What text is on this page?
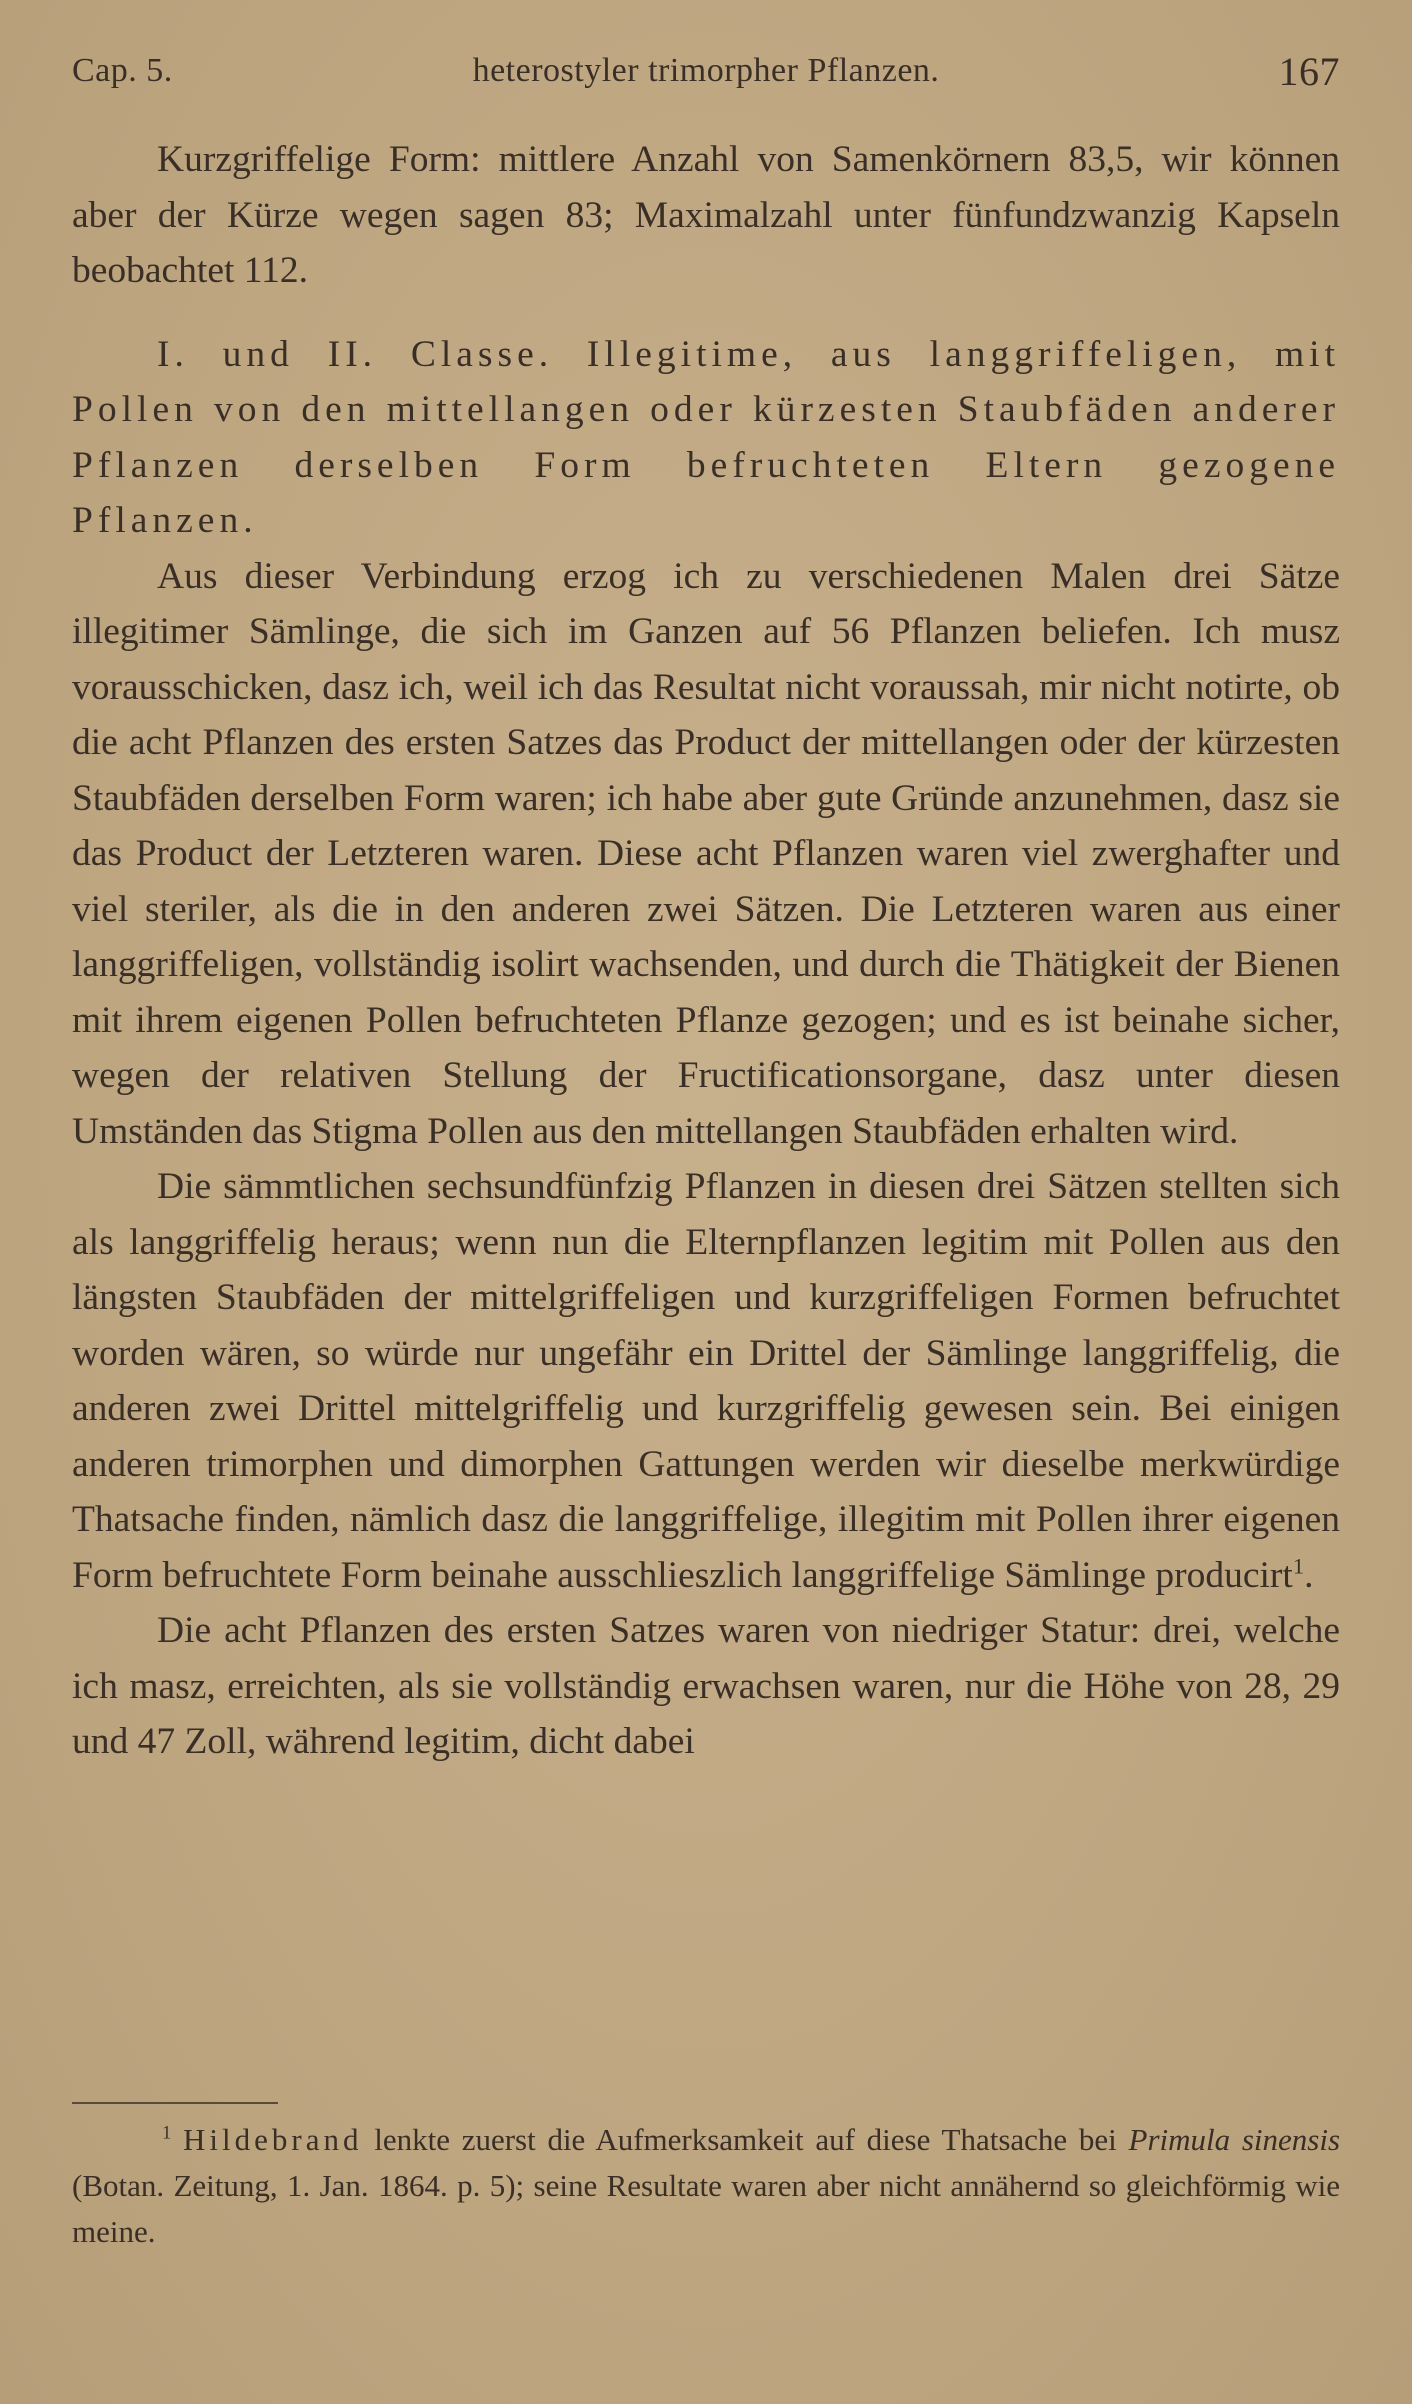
Cap. 5.	heterostyler trimorpher Pflanzen.	167

Kurzgriffelige Form: mittlere Anzahl von Samenkörnern 83,5, wir können aber der Kürze wegen sagen 83; Maximalzahl unter fünfundzwanzig Kapseln beobachtet 112.

I. und II. Classe. Illegitime, aus langgriffeligen, mit Pollen von den mittellangen oder kürzesten Staubfäden anderer Pflanzen derselben Form befruchteten Eltern gezogene Pflanzen.

Aus dieser Verbindung erzog ich zu verschiedenen Malen drei Sätze illegitimer Sämlinge, die sich im Ganzen auf 56 Pflanzen beliefen. Ich musz vorausschicken, dasz ich, weil ich das Resultat nicht voraussah, mir nicht notirte, ob die acht Pflanzen des ersten Satzes das Product der mittellangen oder der kürzesten Staubfäden derselben Form waren; ich habe aber gute Gründe anzunehmen, dasz sie das Product der Letzteren waren. Diese acht Pflanzen waren viel zwerghafter und viel steriler, als die in den anderen zwei Sätzen. Die Letzteren waren aus einer langgriffeligen, vollständig isolirt wachsenden, und durch die Thätigkeit der Bienen mit ihrem eigenen Pollen befruchteten Pflanze gezogen; und es ist beinahe sicher, wegen der relativen Stellung der Fructificationsorgane, dasz unter diesen Umständen das Stigma Pollen aus den mittellangen Staubfäden erhalten wird.

Die sämmtlichen sechsundfünfzig Pflanzen in diesen drei Sätzen stellten sich als langgriffelig heraus; wenn nun die Elternpflanzen legitim mit Pollen aus den längsten Staubfäden der mittelgriffeligen und kurzgriffeligen Formen befruchtet worden wären, so würde nur ungefähr ein Drittel der Sämlinge langgriffelig, die anderen zwei Drittel mittelgriffelig und kurzgriffelig gewesen sein. Bei einigen anderen trimorphen und dimorphen Gattungen werden wir dieselbe merkwürdige Thatsache finden, nämlich dasz die langgriffelige, illegitim mit Pollen ihrer eigenen Form befruchtete Form beinahe ausschlieszlich langgriffelige Sämlinge producirt$^1$.

Die acht Pflanzen des ersten Satzes waren von niedriger Statur: drei, welche ich masz, erreichten, als sie vollständig erwachsen waren, nur die Höhe von 28, 29 und 47 Zoll, während legitim, dicht dabei

$^1$ Hildebrand lenkte zuerst die Aufmerksamkeit auf diese Thatsache bei Primula sinensis (Botan. Zeitung, 1. Jan. 1864. p. 5); seine Resultate waren aber nicht annähernd so gleichförmig wie meine.
